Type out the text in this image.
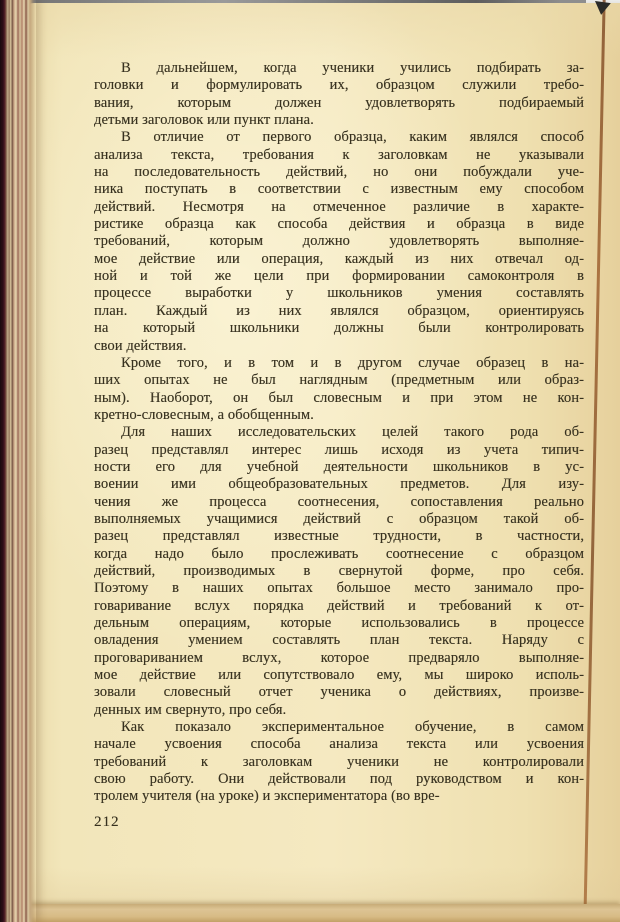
В дальнейшем, когда ученики учились подбирать за-
головки и формулировать их, образцом служили требо-
вания, которым должен удовлетворять подбираемый
детьми заголовок или пункт плана.
В отличие от первого образца, каким являлся способ
анализа текста, требования к заголовкам не указывали
на последовательность действий, но они побуждали уче-
ника поступать в соответствии с известным ему способом
действий. Несмотря на отмеченное различие в характе-
ристике образца как способа действия и образца в виде
требований, которым должно удовлетворять выполняе-
мое действие или операция, каждый из них отвечал од-
ной и той же цели при формировании самоконтроля в
процессе выработки у школьников умения составлять
план. Каждый из них являлся образцом, ориентируясь
на который школьники должны были контролировать
свои действия.
Кроме того, и в том и в другом случае образец в на-
ших опытах не был наглядным (предметным или образ-
ным). Наоборот, он был словесным и при этом не кон-
кретно-словесным, а обобщенным.
Для наших исследовательских целей такого рода об-
разец представлял интерес лишь исходя из учета типич-
ности его для учебной деятельности школьников в ус-
воении ими общеобразовательных предметов. Для изу-
чения же процесса соотнесения, сопоставления реально
выполняемых учащимися действий с образцом такой об-
разец представлял известные трудности, в частности,
когда надо было прослеживать соотнесение с образцом
действий, производимых в свернутой форме, про себя.
Поэтому в наших опытах большое место занимало про-
говаривание вслух порядка действий и требований к от-
дельным операциям, которые использовались в процессе
овладения умением составлять план текста. Наряду с
проговариванием вслух, которое предваряло выполняе-
мое действие или сопутствовало ему, мы широко исполь-
зовали словесный отчет ученика о действиях, произве-
денных им свернуто, про себя.
Как показало экспериментальное обучение, в самом
начале усвоения способа анализа текста или усвоения
требований к заголовкам ученики не контролировали
свою работу. Они действовали под руководством и кон-
тролем учителя (на уроке) и экспериментатора (во вре-
212
